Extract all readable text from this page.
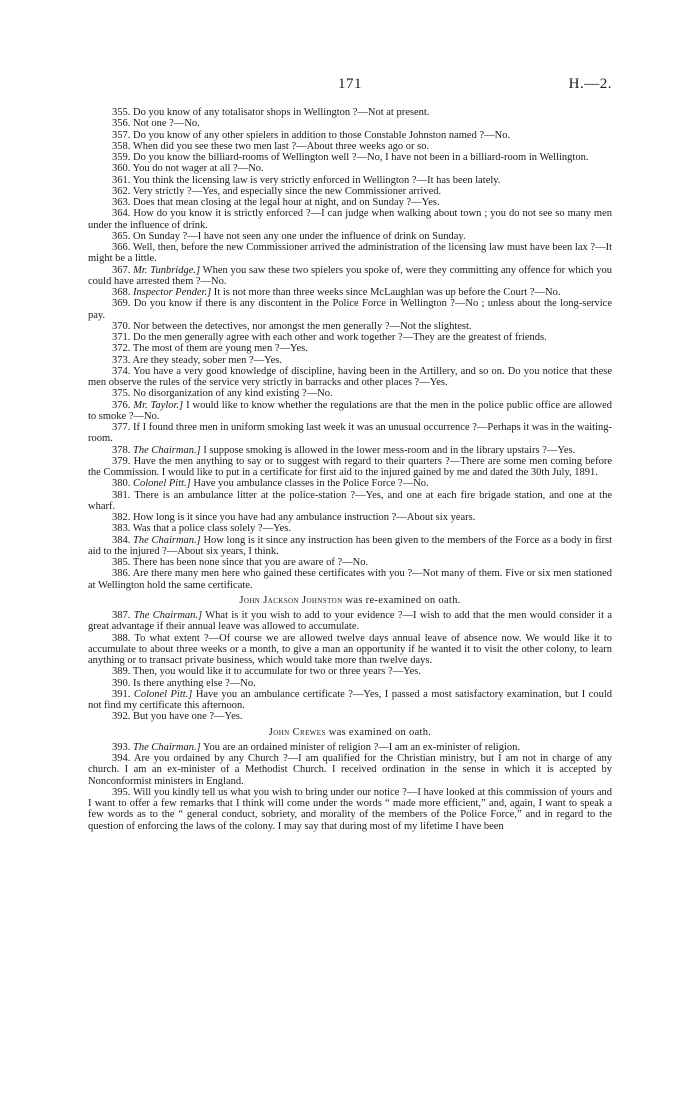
171	H.—2.

355. Do you know of any totalisator shops in Wellington ?—Not at present.

356. Not one ?—No.

357. Do you know of any other spielers in addition to those Constable Johnston named ?—No.

358. When did you see these two men last ?—About three weeks ago or so.

359. Do you know the billiard-rooms of Wellington well ?—No, I have not been in a billiard-room in Wellington.

360. You do not wager at all ?—No.

361. You think the licensing law is very strictly enforced in Wellington ?—It has been lately.

362. Very strictly ?—Yes, and especially since the new Commissioner arrived.

363. Does that mean closing at the legal hour at night, and on Sunday ?—Yes.

364. How do you know it is strictly enforced ?—I can judge when walking about town ; you do not see so many men under the influence of drink.

365. On Sunday ?—I have not seen any one under the influence of drink on Sunday.

366. Well, then, before the new Commissioner arrived the administration of the licensing law must have been lax ?—It might be a little.

367. Mr. Tunbridge.] When you saw these two spielers you spoke of, were they committing any offence for which you could have arrested them ?—No.

368. Inspector Pender.] It is not more than three weeks since McLaughlan was up before the Court ?—No.

369. Do you know if there is any discontent in the Police Force in Wellington ?—No ; unless about the long-service pay.

370. Nor between the detectives, nor amongst the men generally ?—Not the slightest.

371. Do the men generally agree with each other and work together ?—They are the greatest of friends.

372. The most of them are young men ?—Yes.

373. Are they steady, sober men ?—Yes.

374. You have a very good knowledge of discipline, having been in the Artillery, and so on. Do you notice that these men observe the rules of the service very strictly in barracks and other places ?—Yes.

375. No disorganization of any kind existing ?—No.

376. Mr. Taylor.] I would like to know whether the regulations are that the men in the police public office are allowed to smoke ?—No.

377. If I found three men in uniform smoking last week it was an unusual occurrence ?—Perhaps it was in the waiting-room.

378. The Chairman.] I suppose smoking is allowed in the lower mess-room and in the library upstairs ?—Yes.

379. Have the men anything to say or to suggest with regard to their quarters ?—There are some men coming before the Commission. I would like to put in a certificate for first aid to the injured gained by me and dated the 30th July, 1891.

380. Colonel Pitt.] Have you ambulance classes in the Police Force ?—No.

381. There is an ambulance litter at the police-station ?—Yes, and one at each fire brigade station, and one at the wharf.

382. How long is it since you have had any ambulance instruction ?—About six years.

383. Was that a police class solely ?—Yes.

384. The Chairman.] How long is it since any instruction has been given to the members of the Force as a body in first aid to the injured ?—About six years, I think.

385. There has been none since that you are aware of ?—No.

386. Are there many men here who gained these certificates with you ?—Not many of them. Five or six men stationed at Wellington hold the same certificate.

John Jackson Johnston was re-examined on oath.

387. The Chairman.] What is it you wish to add to your evidence ?—I wish to add that the men would consider it a great advantage if their annual leave was allowed to accumulate.

388. To what extent ?—Of course we are allowed twelve days annual leave of absence now. We would like it to accumulate to about three weeks or a month, to give a man an opportunity if he wanted it to visit the other colony, to learn anything or to transact private business, which would take more than twelve days.

389. Then, you would like it to accumulate for two or three years ?—Yes.

390. Is there anything else ?—No.

391. Colonel Pitt.] Have you an ambulance certificate ?—Yes, I passed a most satisfactory examination, but I could not find my certificate this afternoon.

392. But you have one ?—Yes.

John Crewes was examined on oath.

393. The Chairman.] You are an ordained minister of religion ?—I am an ex-minister of religion.

394. Are you ordained by any Church ?—I am qualified for the Christian ministry, but I am not in charge of any church. I am an ex-minister of a Methodist Church. I received ordination in the sense in which it is accepted by Nonconformist ministers in England.

395. Will you kindly tell us what you wish to bring under our notice ?—I have looked at this commission of yours and I want to offer a few remarks that I think will come under the words “ made more efficient,” and, again, I want to speak a few words as to the “ general conduct, sobriety, and morality of the members of the Police Force,” and in regard to the question of enforcing the laws of the colony. I may say that during most of my lifetime I have been
